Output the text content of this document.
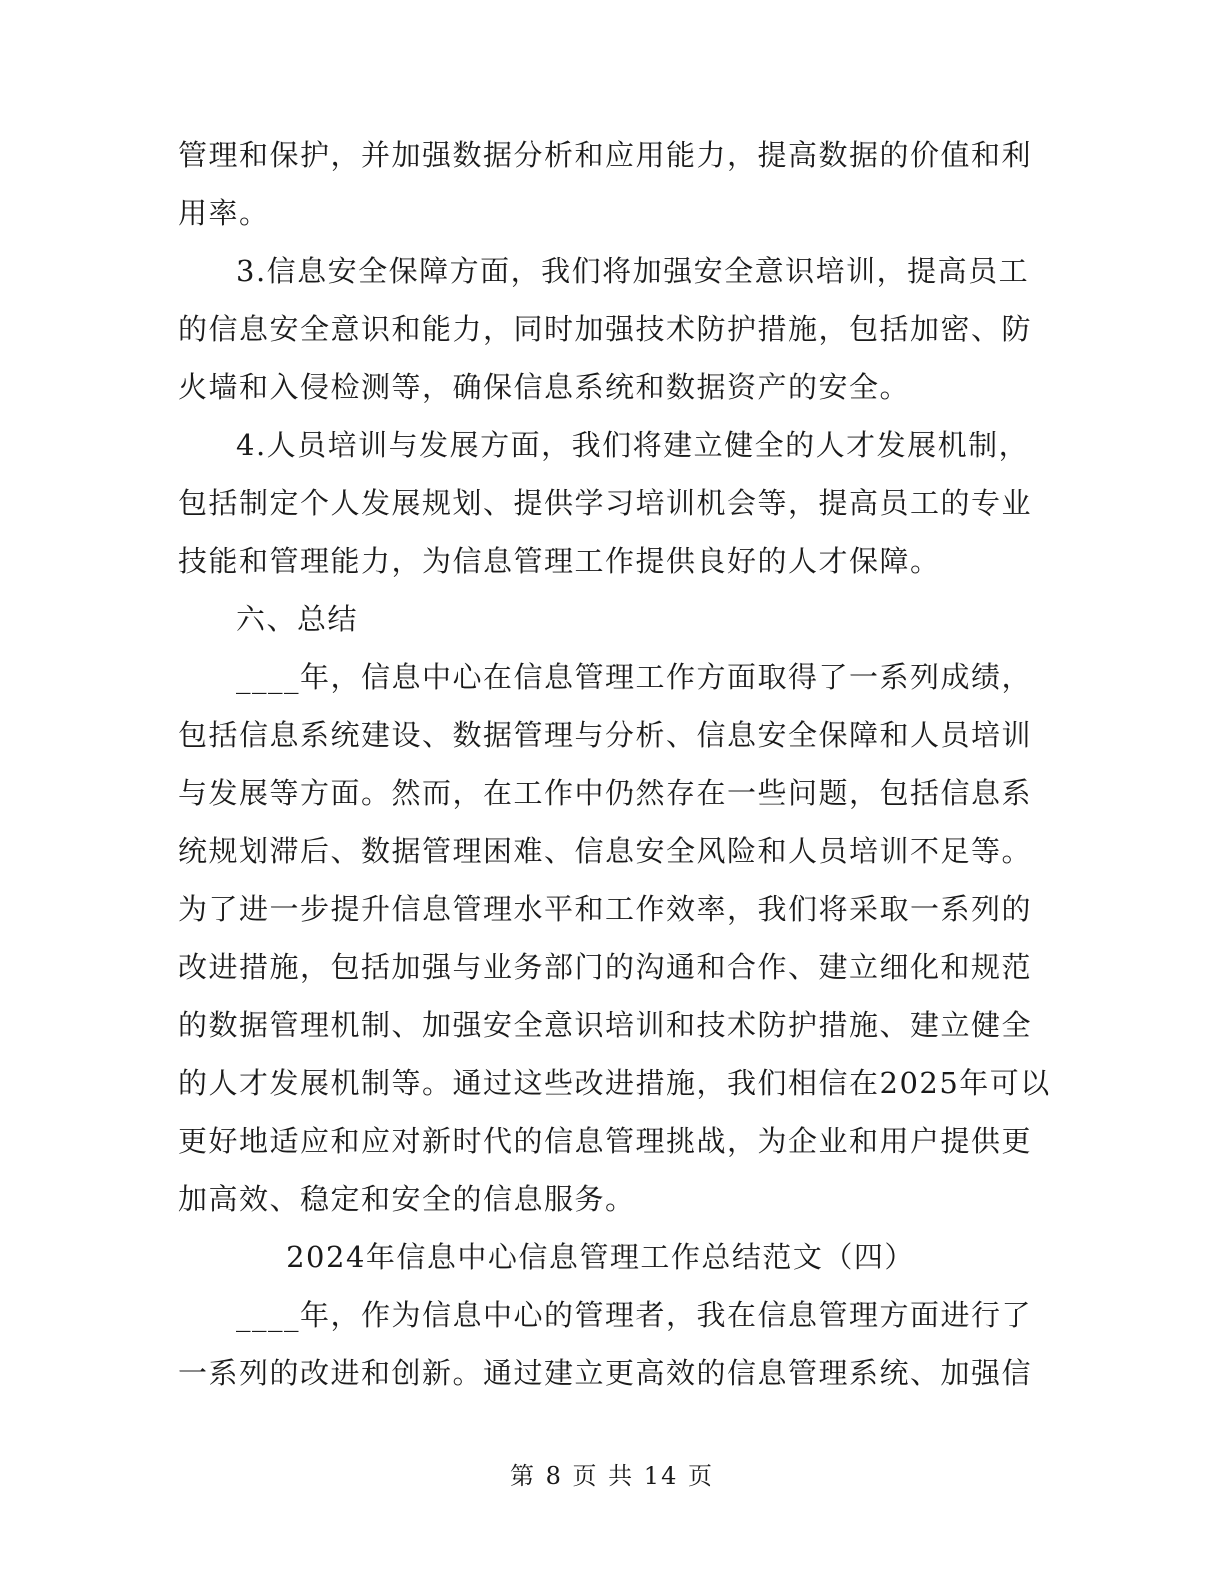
管理和保护，并加强数据分析和应用能力，提高数据的价值和利
用率。
3.信息安全保障方面，我们将加强安全意识培训，提高员工
的信息安全意识和能力，同时加强技术防护措施，包括加密、防
火墙和入侵检测等，确保信息系统和数据资产的安全。
4.人员培训与发展方面，我们将建立健全的人才发展机制，
包括制定个人发展规划、提供学习培训机会等，提高员工的专业
技能和管理能力，为信息管理工作提供良好的人才保障。
六、总结
____年，信息中心在信息管理工作方面取得了一系列成绩，
包括信息系统建设、数据管理与分析、信息安全保障和人员培训
与发展等方面。然而，在工作中仍然存在一些问题，包括信息系
统规划滞后、数据管理困难、信息安全风险和人员培训不足等。
为了进一步提升信息管理水平和工作效率，我们将采取一系列的
改进措施，包括加强与业务部门的沟通和合作、建立细化和规范
的数据管理机制、加强安全意识培训和技术防护措施、建立健全
的人才发展机制等。通过这些改进措施，我们相信在2025年可以
更好地适应和应对新时代的信息管理挑战，为企业和用户提供更
加高效、稳定和安全的信息服务。
2024年信息中心信息管理工作总结范文（四）
____年，作为信息中心的管理者，我在信息管理方面进行了
一系列的改进和创新。通过建立更高效的信息管理系统、加强信
第 8 页 共 14 页
